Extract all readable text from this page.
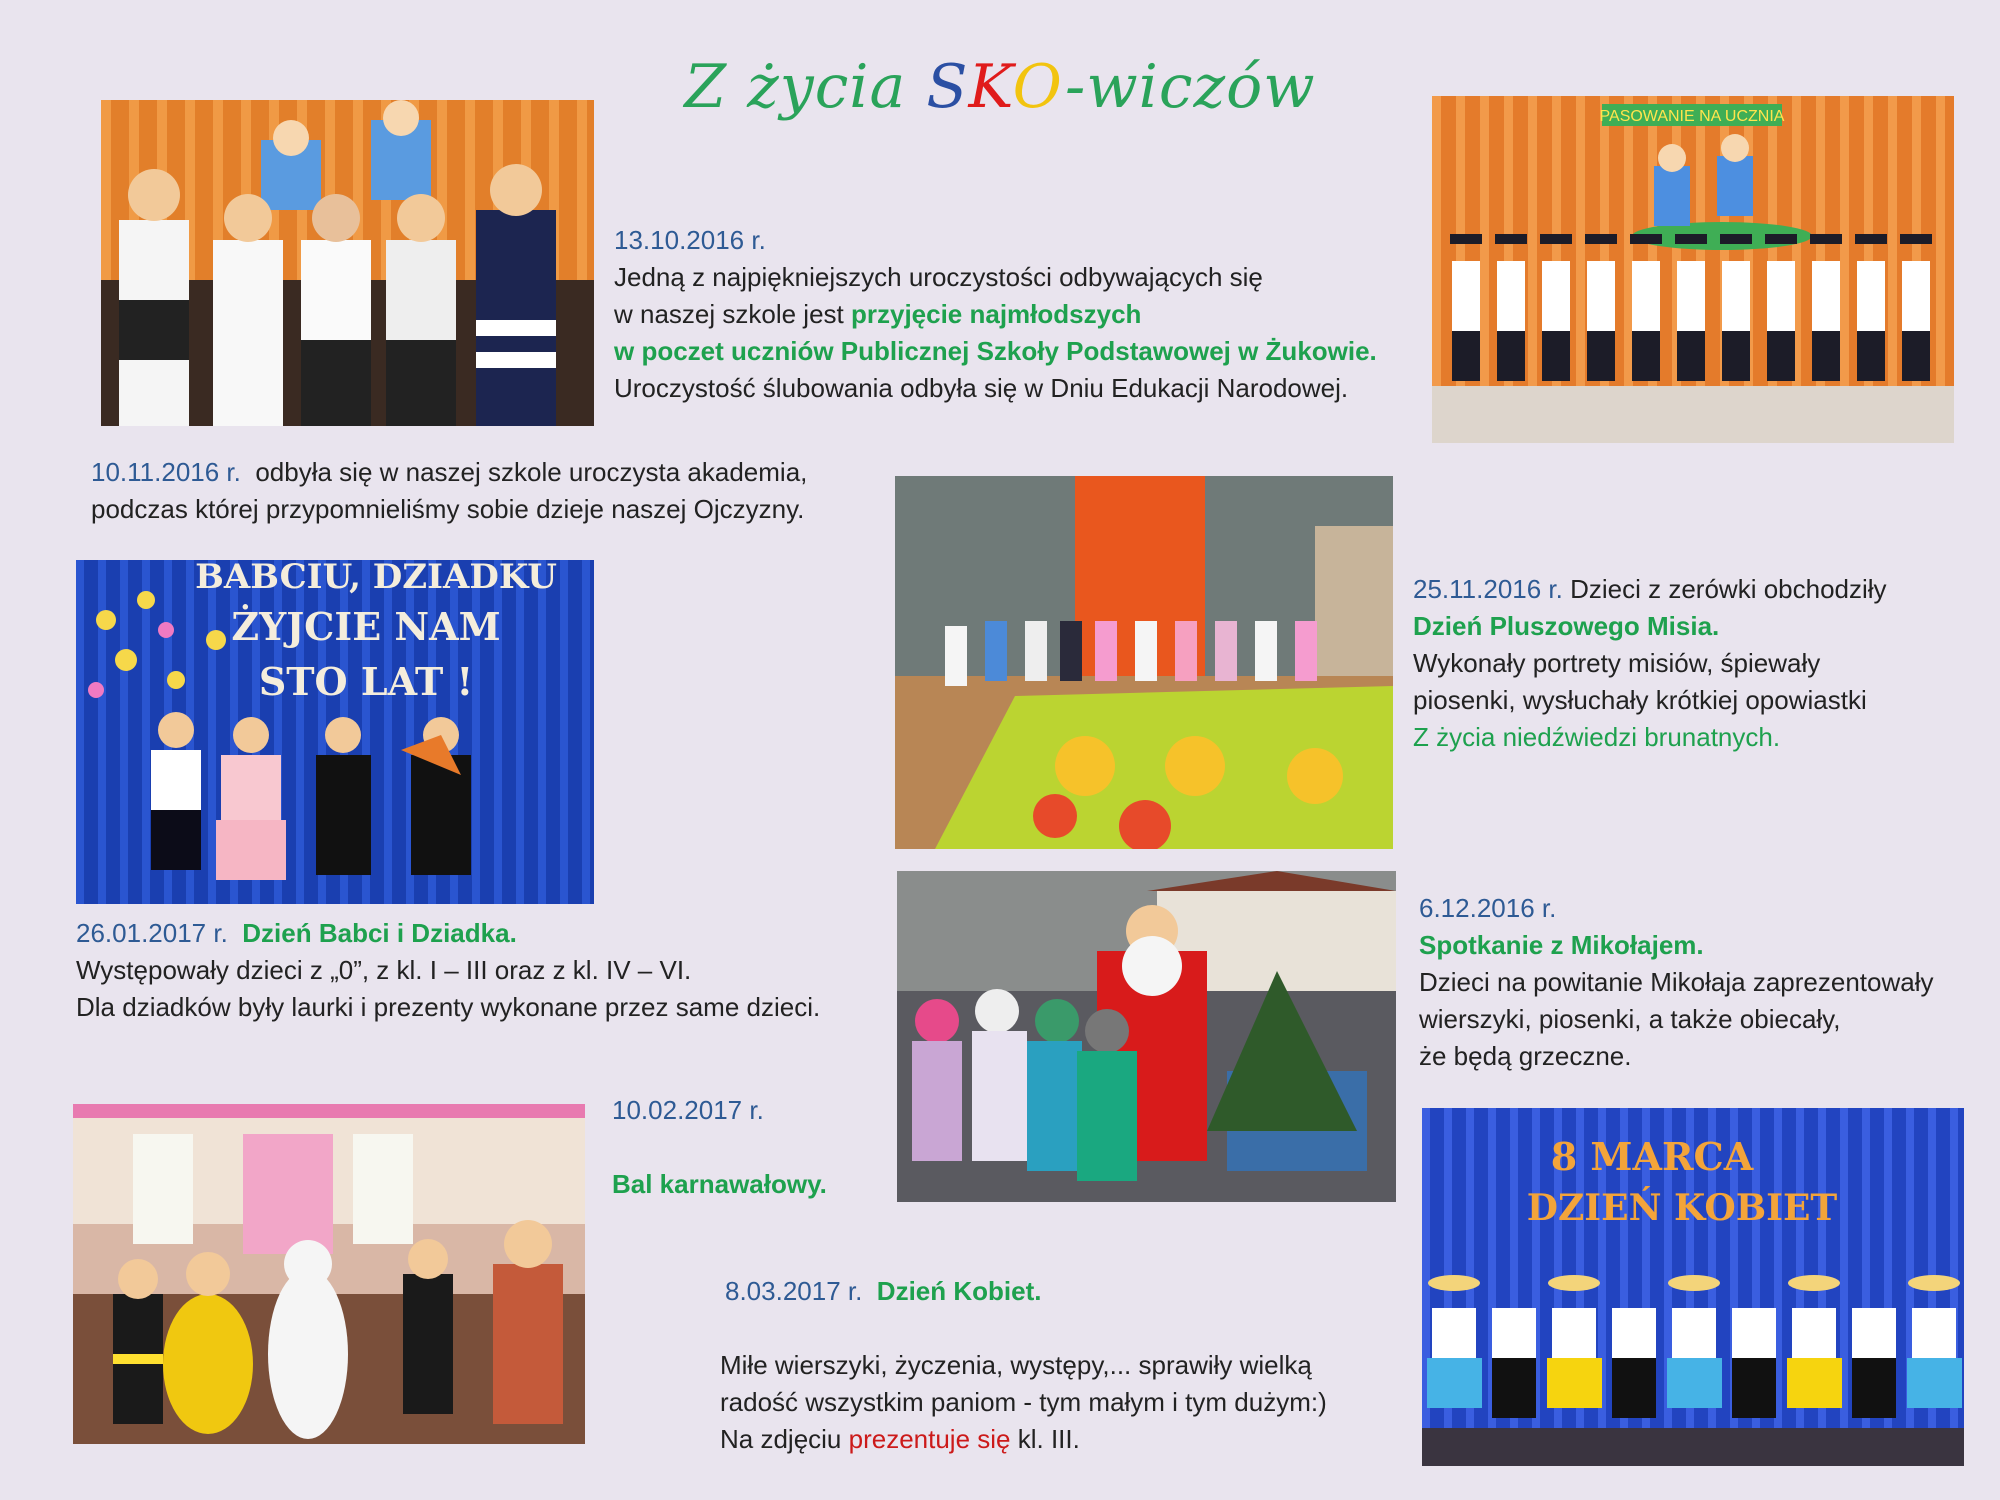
Z życia SKO-wiczów
13.10.2016 r.
Jedną z najpiękniejszych uroczystości odbywających się
w naszej szkole jest przyjęcie najmłodszych
w poczet uczniów Publicznej Szkoły Podstawowej w Żukowie.
Uroczystość ślubowania odbyła się w Dniu Edukacji Narodowej.
PASOWANIE NA UCZNIA
10.11.2016 r. odbyła się w naszej szkole uroczysta akademia,
podczas której przypomnieliśmy sobie dzieje naszej Ojczyzny.
BABCIU, DZIADKU
ŻYJCIE NAM
STO LAT !
25.11.2016 r. Dzieci z zerówki obchodziły
Dzień Pluszowego Misia.
Wykonały portrety misiów, śpiewały
piosenki, wysłuchały krótkiej opowiastki
Z życia niedźwiedzi brunatnych.
26.01.2017 r. Dzień Babci i Dziadka.
Występowały dzieci z „0”, z kl. I – III oraz z kl. IV – VI.
Dla dziadków były laurki i prezenty wykonane przez same dzieci.
6.12.2016 r.
Spotkanie z Mikołajem.
Dzieci na powitanie Mikołaja zaprezentowały
wierszyki, piosenki, a także obiecały,
że będą grzeczne.
10.02.2017 r.

Bal karnawałowy.
8.03.2017 r. Dzień Kobiet.

Miłe wierszyki, życzenia, występy,... sprawiły wielką
radość wszystkim paniom - tym małym i tym dużym:)
Na zdjęciu prezentuje się kl. III.
8 MARCA
DZIEŃ KOBIET
